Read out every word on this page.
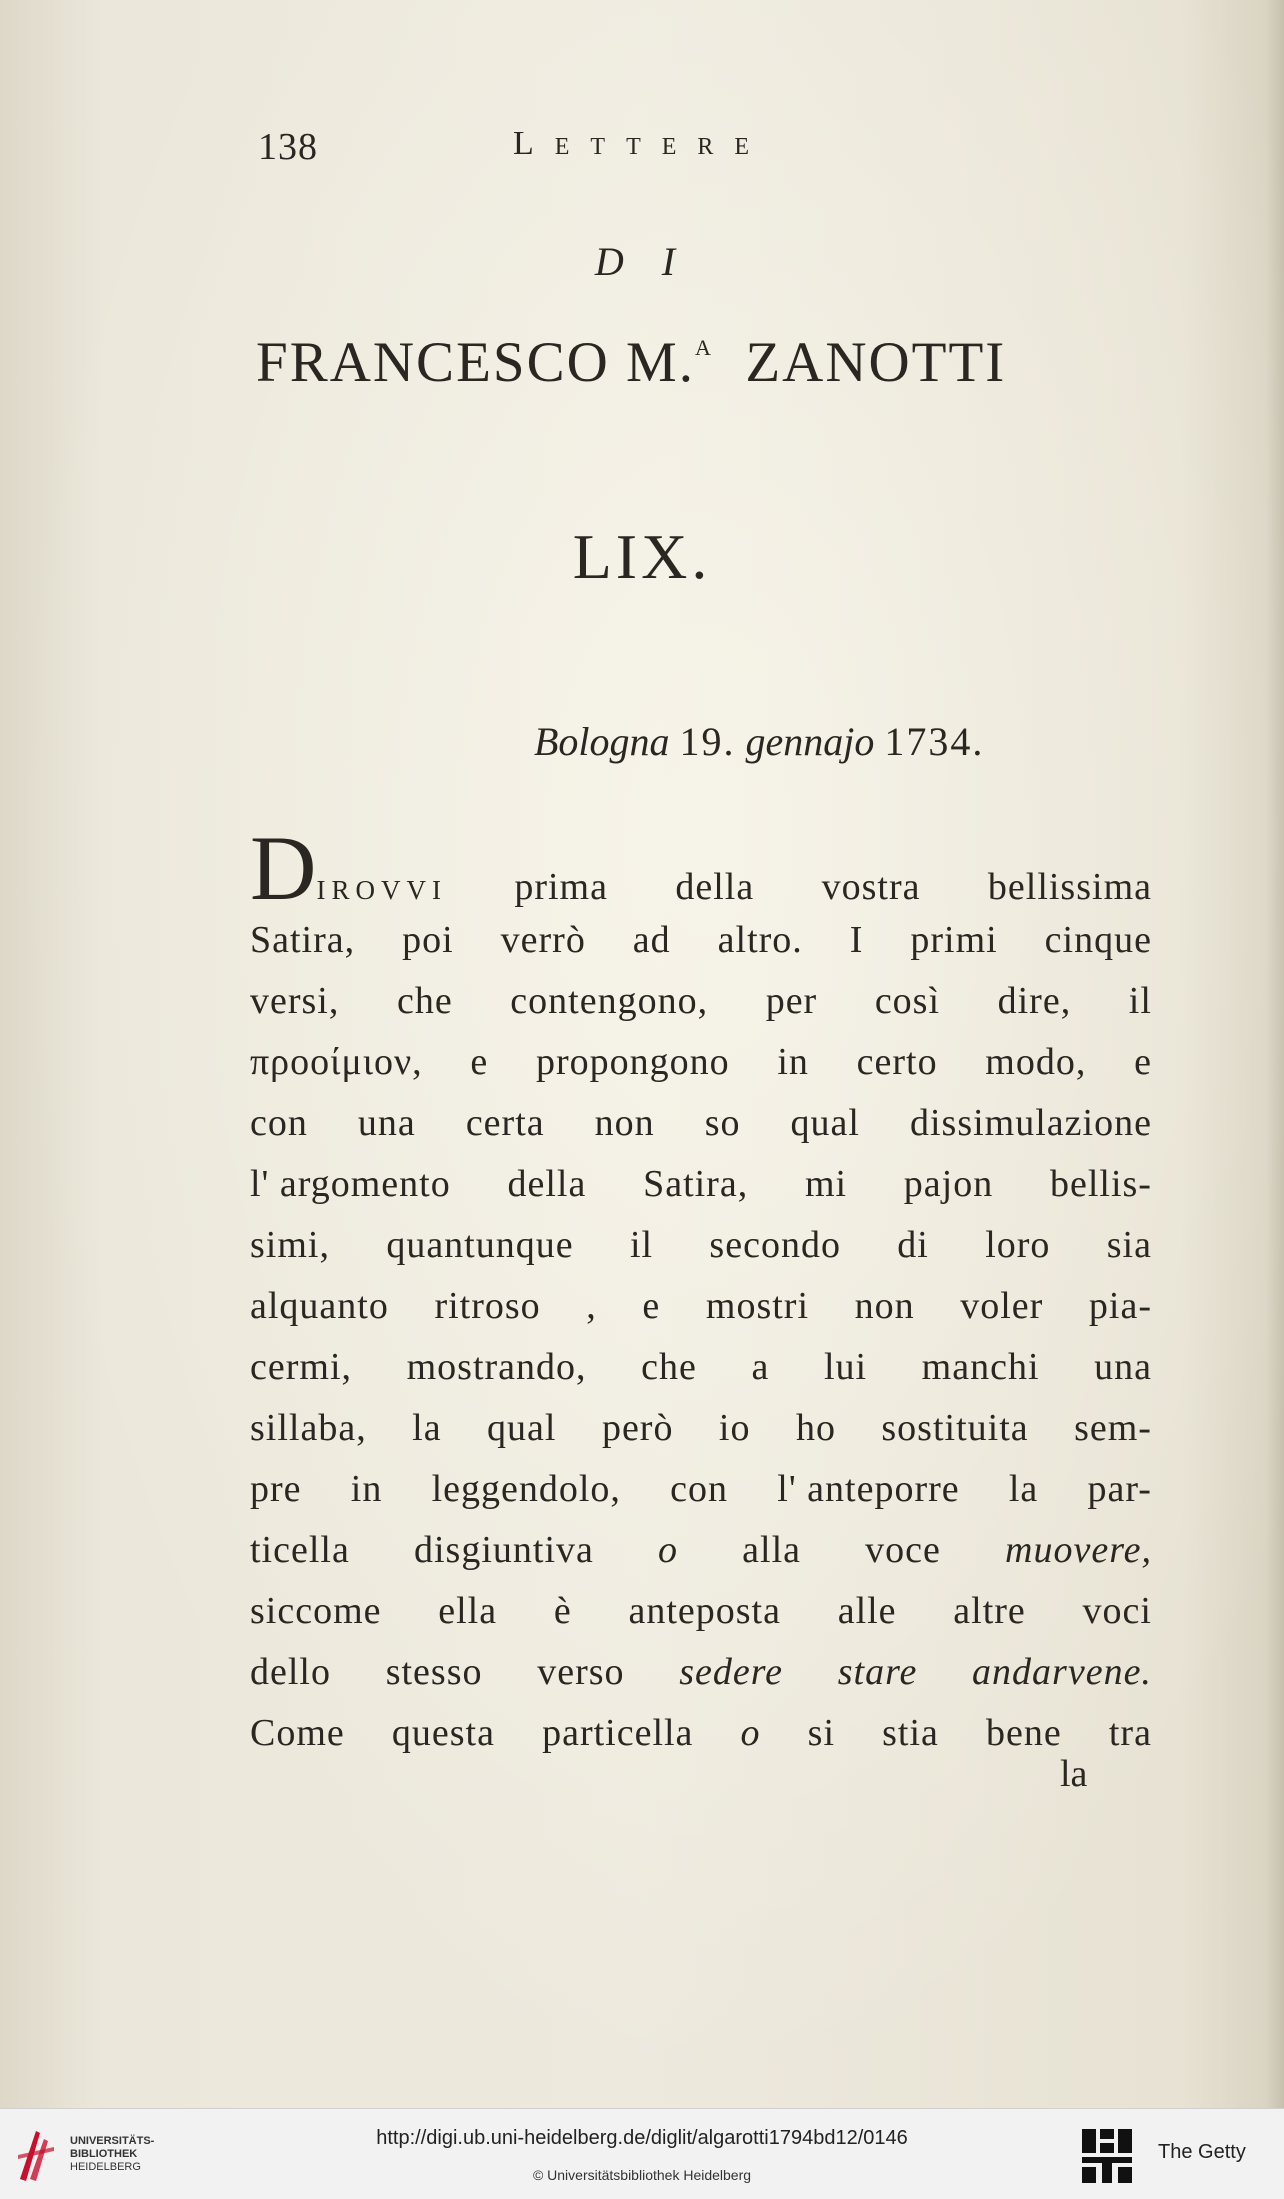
138	Lettere
D I
FRANCESCO M.$^A$ ZANOTTI
LIX.
Bologna 19. gennajo 1734.
Dirovvi prima della vostra bellissima
Satira, poi verrò ad altro. I primi cinque
versi, che contengono, per così dire, il
προοίμιον, e propongono in certo modo, e
con una certa non so qual dissimulazione
l' argomento della Satira, mi pajon bellis-
simi, quantunque il secondo di loro sia
alquanto ritroso , e mostri non voler pia-
cermi, mostrando, che a lui manchi una
sillaba, la qual però io ho sostituita sem-
pre in leggendolo, con l' anteporre la par-
ticella disgiuntiva o alla voce muovere,
siccome ella è anteposta alle altre voci
dello stesso verso sedere stare andarvene.
Come questa particella o si stia bene tra
la
UNIVERSITÄTS-
BIBLIOTHEK
HEIDELBERG
http://digi.ub.uni-heidelberg.de/diglit/algarotti1794bd12/0146
© Universitätsbibliothek Heidelberg
The Getty
